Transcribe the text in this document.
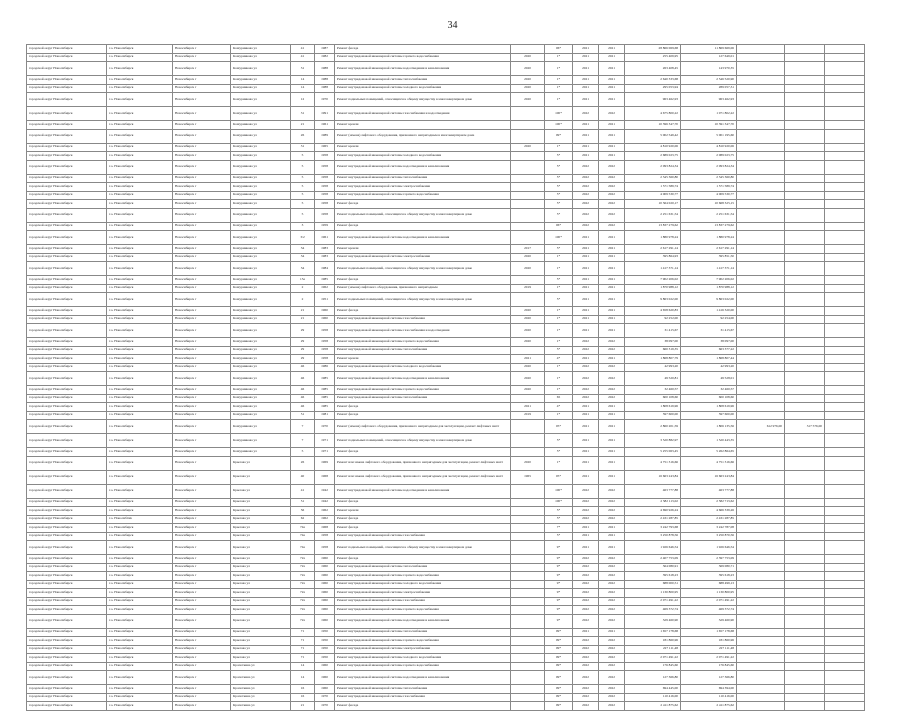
34
городской округ Новосибирск	г.о. Новосибирск	Новосибирск г	Кошурникова ул	41	1987	Ремонт фасада		06*	2021	2021	28 866 069,68	11 869 669,06			
городской округ Новосибирск	г.о. Новосибирск	Новосибирск г	Кошурникова ул	41	1982	Ремонт внутридомовой инженерной системы горячего водоснабжения	2020	1*	2021	2021	255 409,95	127 649,01			
городской округ Новосибирск	г.о. Новосибирск	Новосибирск г	Кошурникова ул	31	1988	Ремонт внутридомовой инженерной системы водоотведения и канализования	2020	1*	2021	2021	263 408,45	143 970,35			
городской округ Новосибирск	г.о. Новосибирск	Новосибирск г	Кошурникова ул	14	1988	Ремонт внутридомовой инженерной системы теплоснабжения	2020	1*	2021	2021	2 640 333,68	2 546 520,90			
городской округ Новосибирск	г.о. Новосибирск	Новосибирск г	Кошурникова ул	14	1988	Ремонт внутридомовой инженерной системы холодного водоснабжения	2020	1*	2021	2021	295 053,94	289 057,31			
городской округ Новосибирск	г.о. Новосибирск	Новосибирск г	Кошурникова ул	12	1970	Ремонт подвальных помещений, относящихся к общему имуществу в многоквартирном доме	2020	1*	2021	2021	963 462,93	963 462,93			
городской округ Новосибирск	г.о. Новосибирск	Новосибирск г	Кошурникова ул	31	1991	Ремонт внутридомовой инженерной системы газоснабжения и водоотведения		100*	2022	2022	4 675 800,22	1 071 802,22			
городской округ Новосибирск	г.о. Новосибирск	Новосибирск г	Кошурникова ул	21	1961	Ремонт кровли		100*	2021	2021	10 396 347,70	10 391 347,70			
городской округ Новосибирск	г.о. Новосибирск	Новосибирск г	Кошурникова ул	26	1989	Ремонт (замена) лифтового оборудования, признанного непригодным в многоквартирном доме		09*	2021	2021	5 002 549,42	5 001 195,60			
городской округ Новосибирск	г.о. Новосибирск	Новосибирск г	Кошурникова ул	31	1965	Ремонт кровли	2020	1*	2021	2021	4 810 920,06	4 810 920,06			
городской округ Новосибирск	г.о. Новосибирск	Новосибирск г	Кошурникова ул	5	1958	Ремонт внутридомовой инженерной системы холодного водоснабжения		5*	2021	2021	2 689 023,75	2 089 023,75			
городской округ Новосибирск	г.о. Новосибирск	Новосибирск г	Кошурникова ул	5	1958	Ремонт внутридомовой инженерной системы водоотведения и канализования		5*	2022	2022	2 093 824,34	2 093 824,34			
городской округ Новосибирск	г.о. Новосибирск	Новосибирск г	Кошурникова ул	5	1958	Ремонт внутридомовой инженерной системы теплоснабжения		5*	2022	2022	2 345 360,80	2 345 360,80			
городской округ Новосибирск	г.о. Новосибирск	Новосибирск г	Кошурникова ул	5	1958	Ремонт внутридомовой инженерной системы электроснабжения		5*	2022	2022	1 571 589,74	1 571 589,74			
городской округ Новосибирск	г.о. Новосибирск	Новосибирск г	Кошурникова ул	5	1958	Ремонт внутридомовой инженерной системы горячего водоснабжения		5*	2022	2022	4 009 530,77	4 009 530,77			
городской округ Новосибирск	г.о. Новосибирск	Новосибирск г	Кошурникова ул	5	1958	Ремонт фасада		5*	2022	2022	10 364 020,17	10 668 325,15			
городской округ Новосибирск	г.о. Новосибирск	Новосибирск г	Кошурникова ул	5	1958	Ремонт подвальных помещений, относящихся к общему имуществу в многоквартирном доме		5*	2022	2022	2 251 631,54	2 251 631,54			
городской округ Новосибирск	г.о. Новосибирск	Новосибирск г	Кошурникова ул	3	1959	Ремонт фасада		06*	2022	2022	13 837 279,62	13 837 279,62			
городской округ Новосибирск	г.о. Новосибирск	Новосибирск г	Кошурникова ул	3/2	1961	Ремонт внутридомовой инженерной системы водоотведения и канализования		100*	2021	2021	1 880 978,24	1 880 978,24			
городской округ Новосибирск	г.о. Новосибирск	Новосибирск г	Кошурникова ул	34	1983	Ремонт кровли	2017	5*	2021	2021	2 617 291,14	2 617 291,14			
городской округ Новосибирск	г.о. Новосибирск	Новосибирск г	Кошурникова ул	34	1983	Ремонт внутридомовой инженерной системы электроснабжения	2020	1*	2021	2021	395 864,93	395 851,50			
городской округ Новосибирск	г.о. Новосибирск	Новосибирск г	Кошурникова ул	34	1984	Ремонт подвальных помещений, относящихся к общему имуществу в многоквартирном доме	2020	1*	2021	2021	1 417 371,14	1 417 371,14			
городской округ Новосибирск	г.о. Новосибирск	Новосибирск г	Кошурникова ул	15а	1985	Ремонт фасада		5*	2021	2021	7 902 206,02	7 902 206,02			
городской округ Новосибирск	г.о. Новосибирск	Новосибирск г	Кошурникова ул	2	1962	Ремонт (замена) лифтового оборудования, признанного непригодным	2019	1*	2021	2021	1 870 988,12	1 870 988,12			
городской округ Новосибирск	г.о. Новосибирск	Новосибирск г	Кошурникова ул	2	1951	Ремонт подвальных помещений, относящихся к общему имуществу в многоквартирном доме		5*	2021	2021	9 863 022,00	9 863 022,00			
городской округ Новосибирск	г.о. Новосибирск	Новосибирск г	Кошурникова ул	21	1960	Ремонт фасада	2020	1*	2021	2021	4 658 620,83	1 416 320,00			
городской округ Новосибирск	г.о. Новосибирск	Новосибирск г	Кошурникова ул	21	1960	Ремонт внутридомовой инженерной системы газоснабжения	2020	1*	2021	2021	92 252,00	92 254,00			
городской округ Новосибирск	г.о. Новосибирск	Новосибирск г	Кошурникова ул	29	1958	Ремонт внутридомовой инженерной системы газоснабжения и водоотведения	2020	1*	2021	2021	31 415,67	31 415,67			
городской округ Новосибирск	г.о. Новосибирск	Новосибирск г	Кошурникова ул	29	1958	Ремонт внутридомовой инженерной системы горячего водоснабжения	2020	1*	2022	2022	38 097,00	38 097,00			
городской округ Новосибирск	г.о. Новосибирск	Новосибирск г	Кошурникова ул	29	1958	Ремонт внутридомовой инженерной системы теплоснабжения		5*	2022	2022	660 319,35	663 377,22			
городской округ Новосибирск	г.о. Новосибирск	Новосибирск г	Кошурникова ул	29	1958	Ремонт кровли	2021	4*	2021	2021	1 868 807,79	1 868 807,44			
городской округ Новосибирск	г.о. Новосибирск	Новосибирск г	Кошурникова ул	46	1986	Ремонт внутридомовой инженерной системы холодного водоснабжения	2020	1*	2022	2022	42 993,20	42 993,20			
городской округ Новосибирск	г.о. Новосибирск	Новосибирск г	Кошурникова ул	46	1985	Ремонт внутридомовой инженерной системы водоотведения и канализования	2020	1*	2022	2022	49 520,81	49 528,01			
городской округ Новосибирск	г.о. Новосибирск	Новосибирск г	Кошурникова ул	46	1985	Ремонт внутридомовой инженерной системы горячего водоснабжения	2020	1*	2022	2022	32 460,57	32 460,57			
городской округ Новосибирск	г.о. Новосибирск	Новосибирск г	Кошурникова ул	46	1985	Ремонт внутридомовой инженерной системы теплоснабжения		65	2022	2022	600 108,60	600 108,60			
городской округ Новосибирск	г.о. Новосибирск	Новосибирск г	Кошурникова ул	46	1985	Ремонт фасада	2021	4*	2021	2021	1 808 619,96	1 808 619,96			
городской округ Новосибирск	г.о. Новосибирск	Новосибирск г	Кошурникова ул	51	1981	Ремонт фасада	2019	1*	2021	2021	597 600,00	597 600,00			
городской округ Новосибирск	г.о. Новосибирск	Новосибирск г	Кошурникова ул	7	1970	Ремонт (замена) лифтового оборудования, признанного непригодным для эксплуатации, ремонт лифтовых шахт		05*	2021	2021	2 860 201,59	1 806 135,56	612 976,00	317 576,00	
городской округ Новосибирск	г.о. Новосибирск	Новосибирск г	Кошурникова ул	7	1971	Ремонт подвальных помещений, относящихся к общему имуществу в многоквартирном доме		5*	2021	2021	3 520 882,97	1 520 443,35			
городской округ Новосибирск	г.о. Новосибирск	Новосибирск г	Кошурникова ул	5	1971	Ремонт фасада		5*	2021	2021	5 255 063,45	5 262 864,65			
городской округ Новосибирск	г.о. Новосибирск	Новосибирск г	Крылова ул	26	1969	Ремонт или замена лифтового оборудования, признанного непригодным для эксплуатации, ремонт лифтовых шахт	2020	1*	2021	2021	4 751 316,66	4 751 316,66			
городской округ Новосибирск	г.о. Новосибирск	Новосибирск г	Крылова ул	40	1968	Ремонт или замена лифтового оборудования, признанного непригодным для эксплуатации, ремонт лифтовых шахт	1965	05*	2021	2021	16 663 243,84	16 663 243,84			
городской округ Новосибирск	г.о. Новосибирск	Новосибирск г	Крылова ул	41	1942	Ремонт внутридомовой инженерной системы водоотведения и канализования		100*	2022	2022	463 777,88	463 777,88			
городской округ Новосибирск	г.о. Новосибирск	Новосибирск г	Крылова ул	51	1942	Ремонт фасада		100*	2022	2022	2 582 113,02	2 582 713,62			
городской округ Новосибирск	г.о. Новосибирск	Новосибирск г	Крылова ул	56	1962	Ремонт кровли		5*	2022	2022	4 690 926,24	4 666 339,26			
городской округ Новосибирск	г.о. Новосибirsk	Новосибирск г	Крылова ул	62	1962	Ремонт фасада		5*	2022	2022	2 431 287,85	2 431 287,85			
городской округ Новосибирск	г.о. Новосибирск	Новосибирск г	Крылова ул	74а	1968	Ремонт фасада		7*	2021	2021	3 242 793,68	3 242 787,08			
городской округ Новосибирск	г.о. Новосибирск	Новосибирск г	Крылова ул	74а	1958	Ремонт внутридомовой инженерной системы газоснабжения		5*	2021	2021	3 250 878,56	3 250 870,56			
городской округ Новосибирск	г.о. Новосибирск	Новосибирск г	Крылова ул	74а	1958	Ремонт подвальных помещений, относящихся к общему имуществу в многоквартирном доме		9*	2021	2021	1 926 646,54	1 926 646,54			
городской округ Новосибирск	г.о. Новосибирск	Новосибирск г	Крылова ул	72а	1960	Ремонт фасада		9*	2022	2022	2 407 753,09	2 397 753,09			
городской округ Новосибирск	г.о. Новосибирск	Новосибирск г	Крылова ул	72а	1960	Ремонт внутридомовой инженерной системы теплоснабжения		9*	2022	2022	364 080,91	369 080,71			
городской округ Новосибирск	г.о. Новосибирск	Новосибирск г	Крылова ул	72а	1960	Ремонт внутридомовой инженерной системы горячего водоснабжения		9*	2022	2022	395 618,23	395 618,23			
городской округ Новосибирск	г.о. Новосибирск	Новосибирск г	Крылова ул	72а	1960	Ремонт внутридомовой инженерной системы холодного водоснабжения		9*	2022	2022	688 000,51	688 499,13			
городской округ Новосибирск	г.о. Новосибирск	Новосибирск г	Крылова ул	72а	1960	Ремонт внутридомовой инженерной системы электроснабжения		9*	2022	2022	1 130 800,95	1 130 800,95			
городской округ Новосибирск	г.о. Новосибирск	Новосибирск г	Крылова ул	72а	1960	Ремонт внутридомовой инженерной системы газоснабжения		9*	2022	2022	2 071 491,22	2 071 491,22			
городской округ Новосибирск	г.о. Новосибирск	Новосибирск г	Крылова ул	72а	1960	Ремонт внутридомовой инженерной системы горячего водоснабжения		9*	2022	2022	469 372,74	469 372,74			
городской округ Новосибирск	г.о. Новосибирск	Новосибирск г	Крылова ул	72а	1960	Ремонт внутридомовой инженерной системы водоотведения и канализования		9*	2022	2022	329 460,90	329 460,90			
городской округ Новосибирск	г.о. Новосибирск	Новосибирск г	Крылова ул	71	1950	Ремонт внутридомовой инженерной системы теплоснабжения		09*	2021	2021	1 657 178,68	1 657 178,68			
городской округ Новосибирск	г.о. Новосибирск	Новосибирск г	Крылова ул	71	1950	Ремонт внутридомовой инженерной системы горячего водоснабжения		09*	2022	2022	181 860,96	181 860,96			
городской округ Новосибирск	г.о. Новосибирск	Новосибирск г	Крылова ул	71	1950	Ремонт внутридомовой инженерной системы электроснабжения		09*	2022	2022	227 111,48	227 111,48			
городской округ Новосибирск	г.о. Новосибирск	Новосибирск г	Крылова ул	71	1950	Ремонт внутридомовой инженерной системы холодного водоснабжения		09*	2022	2022	2 071 491,22	2 071 491,22			
городской округ Новосибирск	г.о. Новосибирск	Новосибирск г	Кропоткина ул	14	1960	Ремонт внутридомовой инженерной системы горячего водоснабжения		09*	2022	2022	176 845,60	176 845,60			
городской округ Новосибирск	г.о. Новосибирск	Новосибирск г	Кропоткина ул	14	1960	Ремонт внутридомовой инженерной системы водоотведения и канализования		09*	2022	2022	127 366,80	127 366,80			
городской округ Новосибирск	г.о. Новосибирск	Новосибирск г	Кропоткина ул	16	1960	Ремонт внутридомовой инженерной системы теплоснабжения		09*	2022	2022	694 445,00	694 394,00			
городской округ Новосибирск	г.о. Новосибирск	Новосибирск г	Кропоткина ул	16	1970	Ремонт внутридомовой инженерной системы газоснабжения		09*	2022	2022	110 416,00	110 416,00			
городской округ Новосибирск	г.о. Новосибирск	Новосибирск г	Кропоткина ул	21	1970	Ремонт фасада		09*	2022	2022	2 411 875,62	2 411 875,62			
